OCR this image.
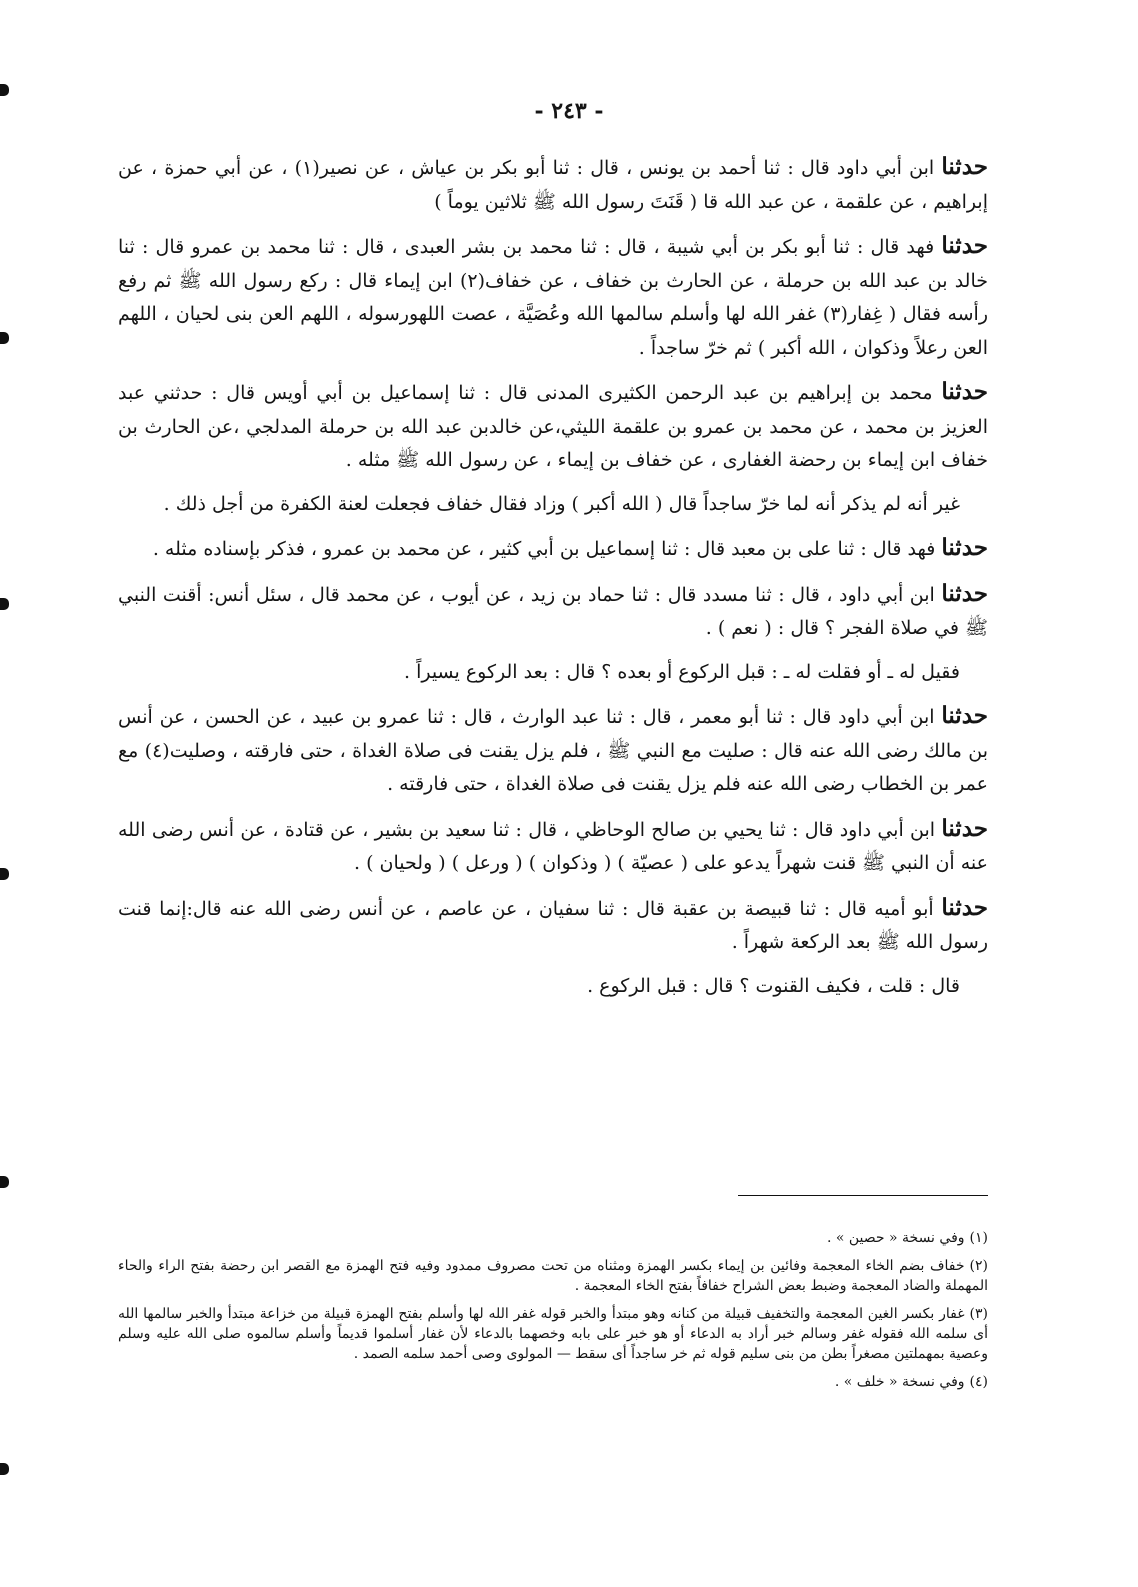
- ٢٤٣ -

حدثنا ابن أبي داود قال : ثنا أحمد بن يونس ، قال : ثنا أبو بكر بن عياش ، عن نصير(١) ، عن أبي حمزة ، عن إبراهيم ، عن علقمة ، عن عبد الله قا ( قَنَتَ رسول الله ﷺ ثلاثين يوماً )

حدثنا فهد قال : ثنا أبو بكر بن أبي شيبة ، قال : ثنا محمد بن بشر العبدى ، قال : ثنا محمد بن عمرو قال : ثنا خالد بن عبد الله بن حرملة ، عن الحارث بن خفاف ، عن خفاف(٢) ابن إيماء قال : ركع رسول الله ﷺ ثم رفع رأسه فقال ( غِفار(٣) غفر الله لها وأسلم سالمها الله وعُصَيَّة ، عصت اللهورسوله ، اللهم العن بنى لحيان ، اللهم العن رعلاً وذكوان ، الله أكبر ) ثم خرّ ساجداً .

حدثنا محمد بن إبراهيم بن عبد الرحمن الكثيرى المدنى قال : ثنا إسماعيل بن أبي أويس قال : حدثني عبد العزيز بن محمد ، عن محمد بن عمرو بن علقمة الليثي،عن خالدبن عبد الله بن حرملة المدلجي ،عن الحارث بن خفاف ابن إيماء بن رحضة الغفارى ، عن خفاف بن إيماء ، عن رسول الله ﷺ مثله .

غير أنه لم يذكر أنه لما خرّ ساجداً قال ( الله أكبر ) وزاد فقال خفاف فجعلت لعنة الكفرة من أجل ذلك .

حدثنا فهد قال : ثنا على بن معبد قال : ثنا إسماعيل بن أبي كثير ، عن محمد بن عمرو ، فذكر بإسناده مثله .

حدثنا ابن أبي داود ، قال : ثنا مسدد قال : ثنا حماد بن زيد ، عن أيوب ، عن محمد قال ، سئل أنس: أقنت النبي ﷺ في صلاة الفجر ؟ قال : ( نعم ) .

فقيل له ـ أو فقلت له ـ : قبل الركوع أو بعده ؟ قال : بعد الركوع يسيراً .

حدثنا ابن أبي داود قال : ثنا أبو معمر ، قال : ثنا عبد الوارث ، قال : ثنا عمرو بن عبيد ، عن الحسن ، عن أنس بن مالك رضى الله عنه قال : صليت مع النبي ﷺ ، فلم يزل يقنت فى صلاة الغداة ، حتى فارقته ، وصليت(٤) مع عمر بن الخطاب رضى الله عنه فلم يزل يقنت فى صلاة الغداة ، حتى فارقته .

حدثنا ابن أبي داود قال : ثنا يحيي بن صالح الوحاظي ، قال : ثنا سعيد بن بشير ، عن قتادة ، عن أنس رضى الله عنه أن النبي ﷺ قنت شهراً يدعو على ( عصيّة ) ( وذكوان ) ( ورعل ) ( ولحيان ) .

حدثنا أبو أميه قال : ثنا قبيصة بن عقبة قال : ثنا سفيان ، عن عاصم ، عن أنس رضى الله عنه قال:إنما قنت رسول الله ﷺ بعد الركعة شهراً .

قال : قلت ، فكيف القنوت ؟ قال : قبل الركوع .

(١)وفي نسخة « حصين » .

(٢)خفاف بضم الخاء المعجمة وفائين بن إيماء بكسر الهمزة ومثناه من تحت مصروف ممدود وفيه فتح الهمزة مع القصر ابن رحضة بفتح الراء والحاء المهملة والضاد المعجمة وضبط بعض الشراح خفافاً بفتح الخاء المعجمة .

(٣)غفار بكسر الغين المعجمة والتخفيف قبيلة من كنانه وهو مبتدأ والخبر قوله غفر الله لها وأسلم بفتح الهمزة قبيلة من خزاعة مبتدأ والخبر سالمها الله أى سلمه الله فقوله غفر وسالم خبر أراد به الدعاء أو هو خبر على بابه وخصهما بالدعاء لأن غفار أسلموا قديماً وأسلم سالموه صلى الله عليه وسلم وعصية بمهملتين مصغراً بطن من بنى سليم قوله ثم خر ساجداً أى سقط — المولوى وصى أحمد سلمه الصمد .

(٤)وفي نسخة « خلف » .
